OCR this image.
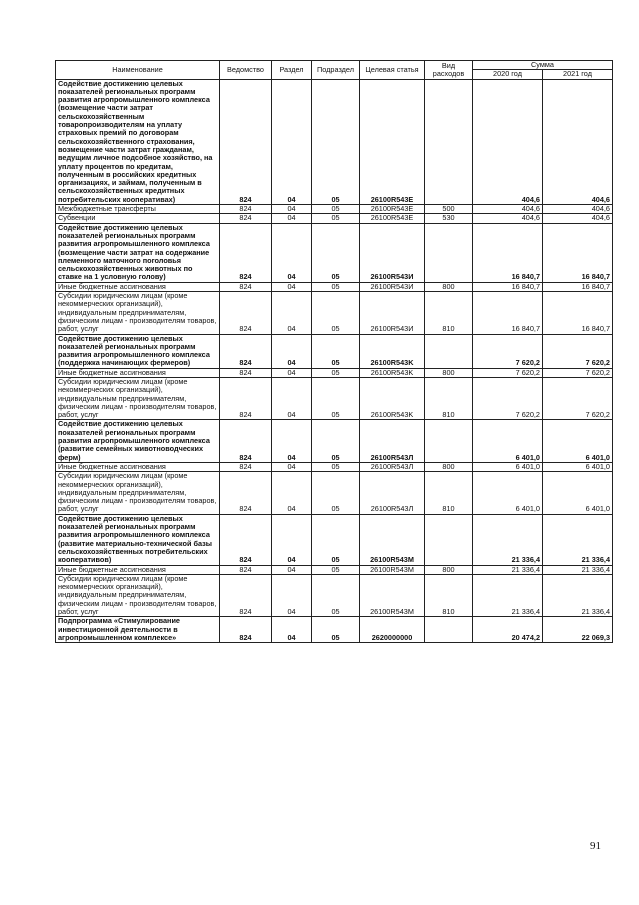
Наименование	Ведомство	Раздел	Подраздел	Целевая статья	Вид расходов	Сумма	
						2020 год	2021 год
Содействие достижению целевых показателей региональных программ развития агропромышленного комплекса (возмещение части затрат сельскохозяйственным товаропроизводителям на уплату страховых премий по договорам сельскохозяйственного страхования, возмещение части затрат гражданам, ведущим личное подсобное хозяйство, на уплату процентов по кредитам, полученным в российских кредитных организациях, и займам, полученным в сельскохозяйственных кредитных потребительских кооперативах)	824	04	05	26100R543E		404,6	404,6
Межбюджетные трансферты	824	04	05	26100R543E	500	404,6	404,6
Субвенции	824	04	05	26100R543E	530	404,6	404,6
Содействие достижению целевых показателей региональных программ развития агропромышленного комплекса (возмещение части затрат на содержание племенного маточного поголовья сельскохозяйственных животных по ставке на 1 условную голову)	824	04	05	26100R543И		16 840,7	16 840,7
Иные бюджетные ассигнования	824	04	05	26100R543И	800	16 840,7	16 840,7
Субсидии юридическим лицам (кроме некоммерческих организаций), индивидуальным предпринимателям, физическим лицам - производителям товаров, работ, услуг	824	04	05	26100R543И	810	16 840,7	16 840,7
Содействие достижению целевых показателей региональных программ развития агропромышленного комплекса (поддержка начинающих фермеров)	824	04	05	26100R543K		7 620,2	7 620,2
Иные бюджетные ассигнования	824	04	05	26100R543K	800	7 620,2	7 620,2
Субсидии юридическим лицам (кроме некоммерческих организаций), индивидуальным предпринимателям, физическим лицам - производителям товаров, работ, услуг	824	04	05	26100R543K	810	7 620,2	7 620,2
Содействие достижению целевых показателей региональных программ развития агропромышленного комплекса (развитие семейных животноводческих ферм)	824	04	05	26100R543Л		6 401,0	6 401,0
Иные бюджетные ассигнования	824	04	05	26100R543Л	800	6 401,0	6 401,0
Субсидии юридическим лицам (кроме некоммерческих организаций), индивидуальным предпринимателям, физическим лицам - производителям товаров, работ, услуг	824	04	05	26100R543Л	810	6 401,0	6 401,0
Содействие достижению целевых показателей региональных программ развития агропромышленного комплекса (развитие материально-технической базы сельскохозяйственных потребительских кооперативов)	824	04	05	26100R543M		21 336,4	21 336,4
Иные бюджетные ассигнования	824	04	05	26100R543M	800	21 336,4	21 336,4
Субсидии юридическим лицам (кроме некоммерческих организаций), индивидуальным предпринимателям, физическим лицам - производителям товаров, работ, услуг	824	04	05	26100R543M	810	21 336,4	21 336,4
Подпрограмма «Стимулирование инвестиционной деятельности в агропромышленном комплексе»	824	04	05	2620000000		20 474,2	22 069,3
91
